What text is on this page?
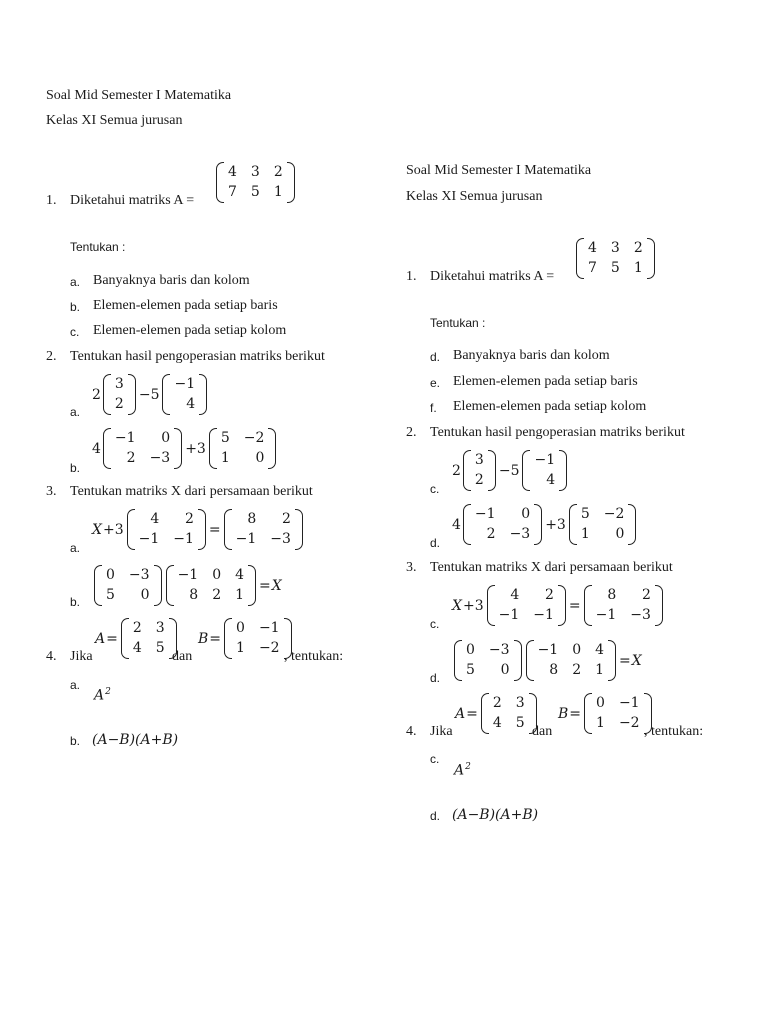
Soal Mid Semester I Matematika
Kelas XI Semua jurusan
1. Diketahui matriks A =
4 3 2
7 5 1
Tentukan :
a. Banyaknya baris dan kolom
b. Elemen-elemen pada setiap baris
c. Elemen-elemen pada setiap kolom
2. Tentukan hasil pengoperasian matriks berikut
a.
2
3
2
−5
−1
4
b.
4
−1	0
2 −3
+3
5 −2
1	0
3. Tentukan matriks X dari persamaan berikut
a.
X +3
4	2
−1 −1
=
8	2
−1 −3
b.
0 −3
5	0
−1 0 4
8 2 1
= X
4. Jika
A =
2 3
4 5
dan
B =
0 −1
1 −2
, tentukan:
a.
$A^2$
b. (A−B)(A+B)
Soal Mid Semester I Matematika
Kelas XI Semua jurusan
1. Diketahui matriks A =
4 3 2
7 5 1
Tentukan :
d. Banyaknya baris dan kolom
e. Elemen-elemen pada setiap baris
f. Elemen-elemen pada setiap kolom
2. Tentukan hasil pengoperasian matriks berikut
c.
2
3
2
−5
−1
4
d.
4
−1	0
2 −3
+3
5 −2
1	0
3. Tentukan matriks X dari persamaan berikut
c.
X +3
4	2
−1 −1
=
8	2
−1 −3
d.
0 −3
5	0
−1 0 4
8 2 1
= X
4. Jika
A =
2 3
4 5
dan
B =
0 −1
1 −2
, tentukan:
c.
$A^2$
d. (A−B)(A+B)
